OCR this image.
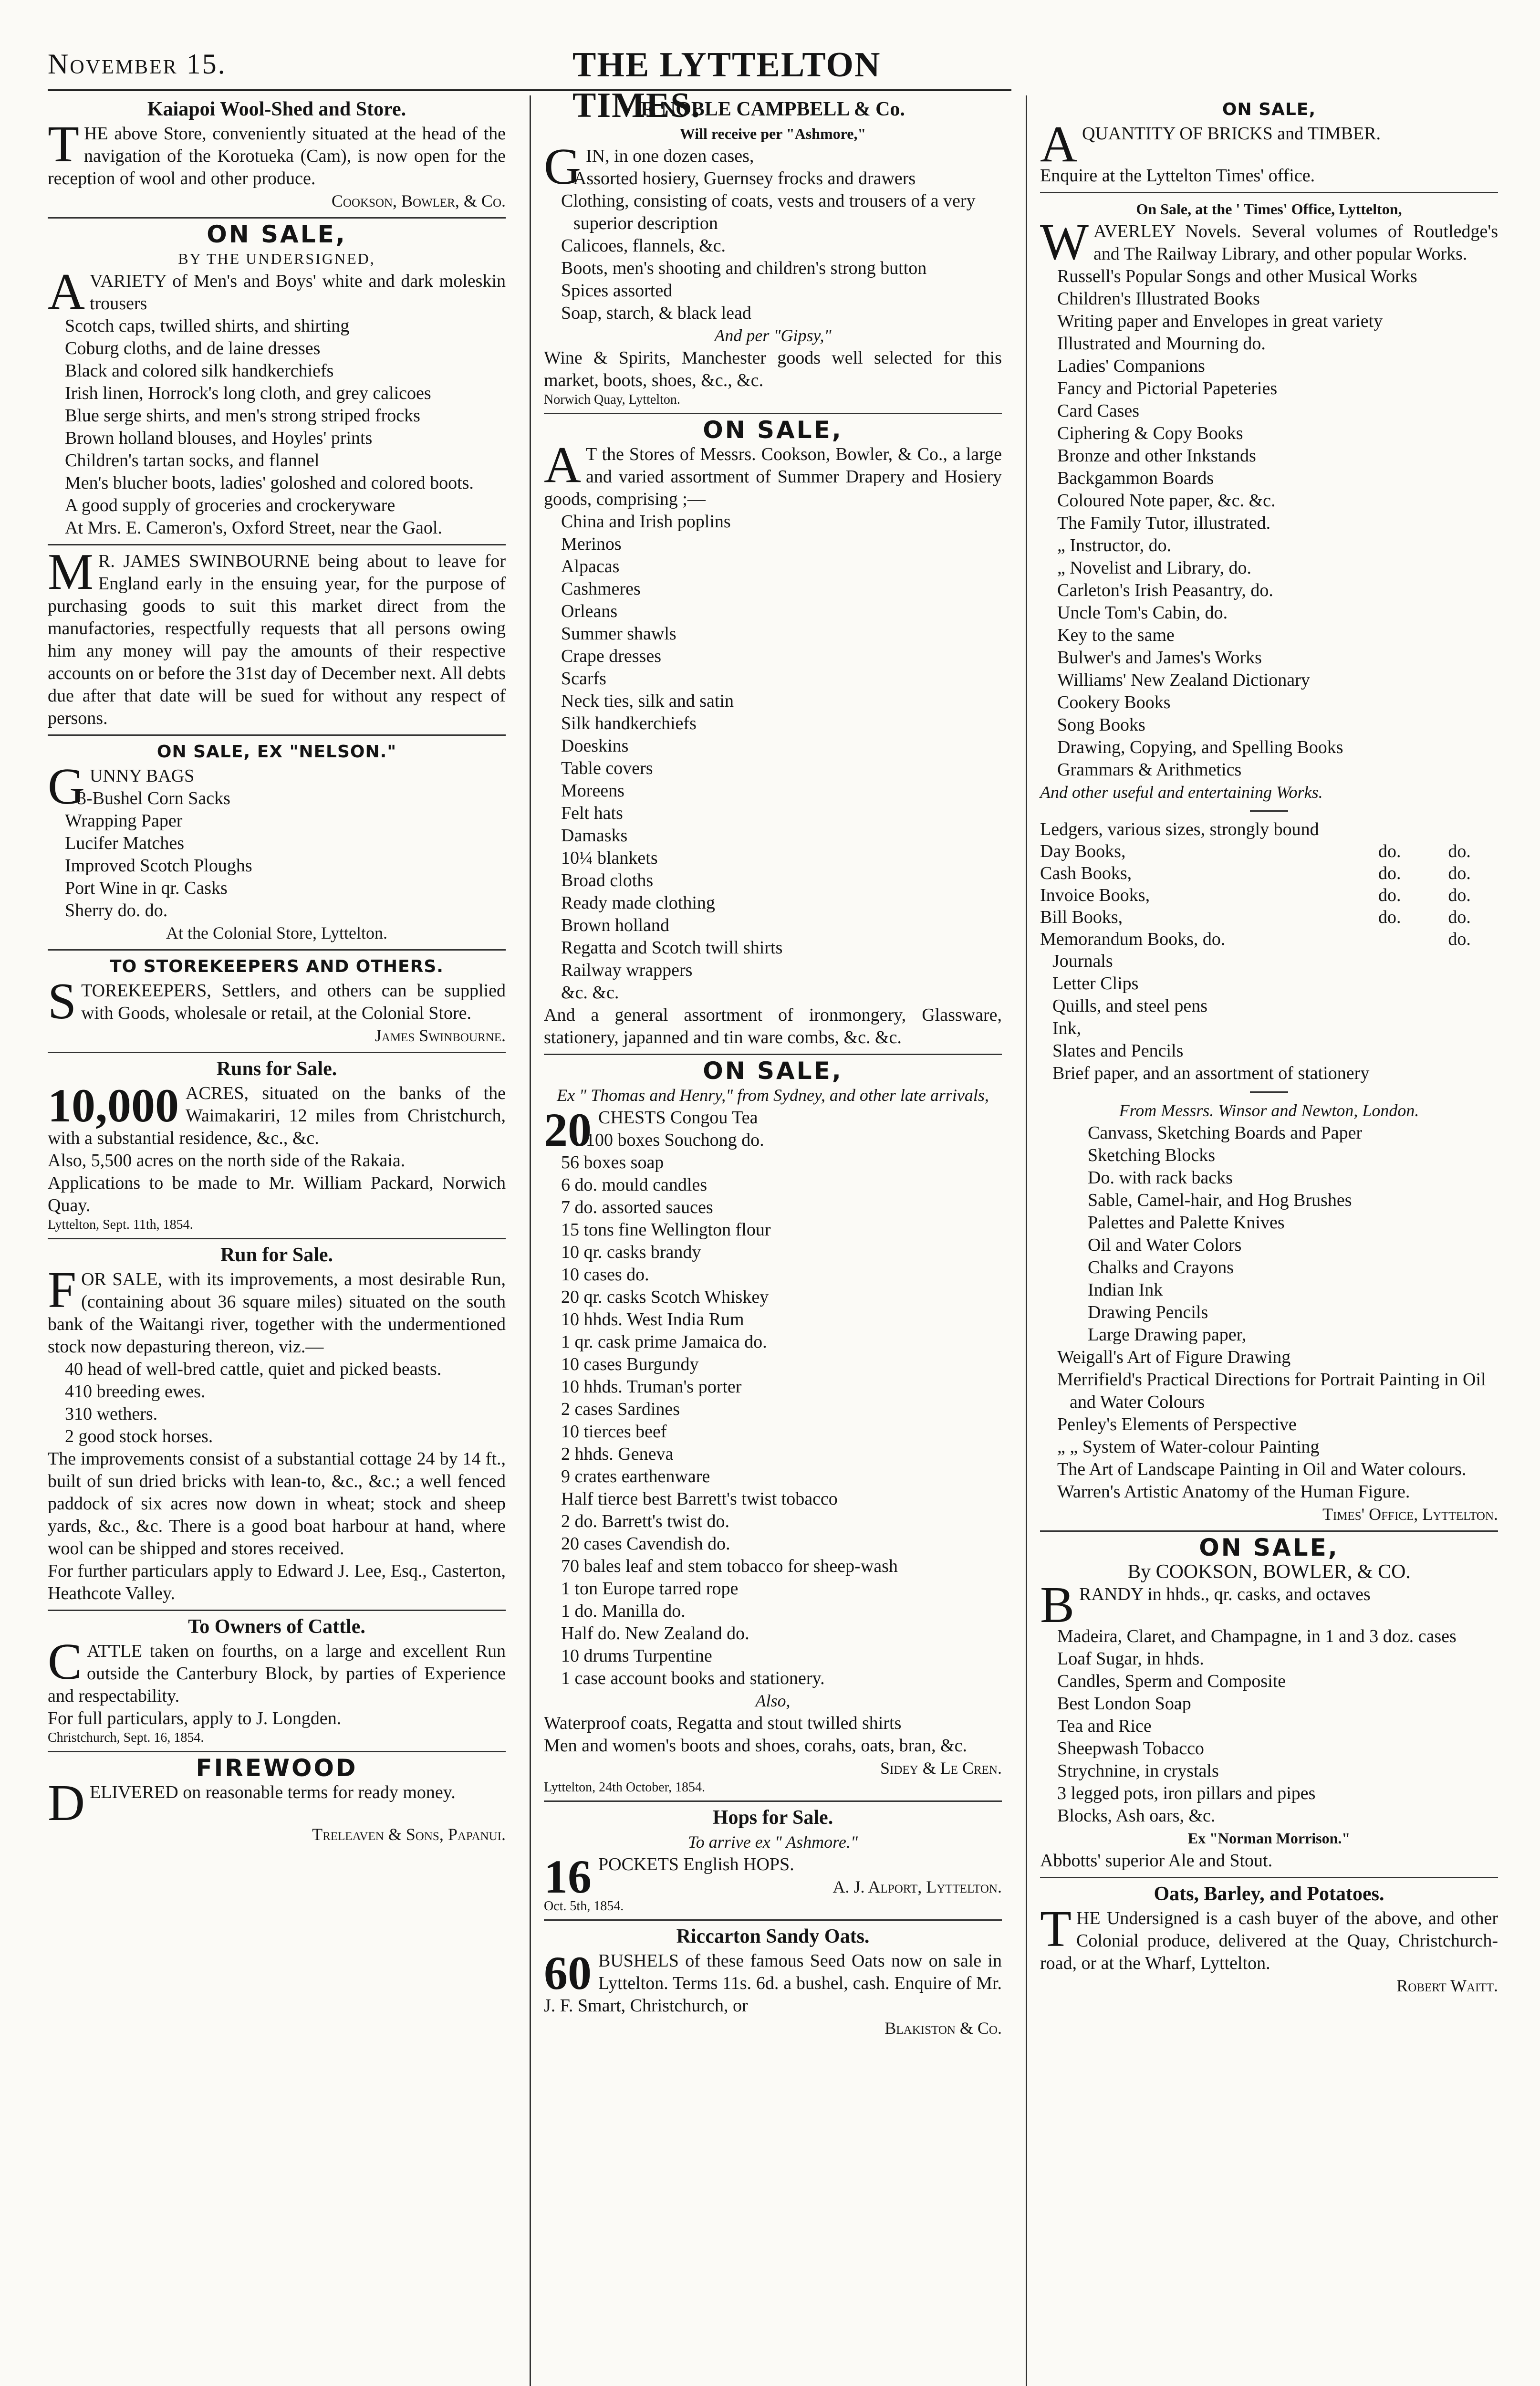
November 15.	THE LYTTELTON TIMES.
Kaiapoi Wool-Shed and Store.

THE above Store, conveniently situated at the head of the navigation of the Korotueka (Cam), is now open for the reception of wool and other produce.

Cookson, Bowler, & Co.
ON SALE,
BY THE UNDERSIGNED,

AVARIETY of Men's and Boys' white and dark moleskin trousers

Scotch caps, twilled shirts, and shirting
Coburg cloths, and de laine dresses
Black and colored silk handkerchiefs
Irish linen, Horrock's long cloth, and grey calicoes
Blue serge shirts, and men's strong striped frocks
Brown holland blouses, and Hoyles' prints
Children's tartan socks, and flannel
Men's blucher boots, ladies' goloshed and colored boots.
A good supply of groceries and crockeryware
At Mrs. E. Cameron's, Oxford Street, near the Gaol.

M R. JAMES SWINBOURNE being about to leave for England early in the ensuing year, for the purpose of purchasing goods to suit this market direct from the manufactories, respectfully requests that all persons owing him any money will pay the amounts of their respective accounts on or before the 31st day of December next. All debts due after that date will be sued for without any respect of persons.

ON SALE, EX "NELSON."

GUNNY BAGS

3-Bushel Corn Sacks
Wrapping Paper
Lucifer Matches
Improved Scotch Ploughs
Port Wine in qr. Casks
Sherry do. do.
At the Colonial Store, Lyttelton.
TO STOREKEEPERS AND OTHERS.

STOREKEEPERS, Settlers, and others can be supplied with Goods, wholesale or retail, at the Colonial Store.

James Swinbourne.
Runs for Sale.

10,000 ACRES, situated on the banks of the Waimakariri, 12 miles from Christchurch, with a substantial residence, &c., &c.

Also, 5,500 acres on the north side of the Rakaia.

Applications to be made to Mr. William Packard, Norwich Quay.

Lyttelton, Sept. 11th, 1854.
Run for Sale.

FOR SALE, with its improvements, a most desirable Run, (containing about 36 square miles) situated on the south bank of the Waitangi river, together with the undermentioned stock now depasturing thereon, viz.—

40 head of well-bred cattle, quiet and picked beasts.
410 breeding ewes.
310 wethers.
2 good stock horses.

The improvements consist of a substantial cottage 24 by 14 ft., built of sun dried bricks with lean-to, &c., &c.; a well fenced paddock of six acres now down in wheat; stock and sheep yards, &c., &c. There is a good boat harbour at hand, where wool can be shipped and stores received.

For further particulars apply to Edward J. Lee, Esq., Casterton, Heathcote Valley.

To Owners of Cattle.

CATTLE taken on fourths, on a large and excellent Run outside the Canterbury Block, by parties of Experience and respectability.

For full particulars, apply to J. Longden.

Christchurch, Sept. 16, 1854.
FIREWOOD

DELIVERED on reasonable terms for ready money.

Treleaven & Sons, Papanui.
F. NOBLE CAMPBELL & Co.
Will receive per "Ashmore,"

GIN, in one dozen cases,

Assorted hosiery, Guernsey frocks and drawers
Clothing, consisting of coats, vests and trousers of a very superior description
Calicoes, flannels, &c.
Boots, men's shooting and children's strong button
Spices assorted
Soap, starch, & black lead
And per "Gipsy,"

Wine & Spirits, Manchester goods well selected for this market, boots, shoes, &c., &c.

Norwich Quay, Lyttelton.
ON SALE,

A T the Stores of Messrs. Cookson, Bowler, & Co., a large and varied assortment of Summer Drapery and Hosiery goods, comprising ;—

China and Irish poplins
Merinos
Alpacas
Cashmeres
Orleans
Summer shawls
Crape dresses
Scarfs
Neck ties, silk and satin
Silk handkerchiefs
Doeskins
Table covers
Moreens
Felt hats
Damasks
10¼ blankets
Broad cloths
Ready made clothing
Brown holland
Regatta and Scotch twill shirts
Railway wrappers
&c. &c.

And a general assortment of ironmongery, Glassware, stationery, japanned and tin ware combs, &c. &c.

ON SALE,
Ex " Thomas and Henry," from Sydney, and other late arrivals,

20 CHESTS Congou Tea

100 boxes Souchong do.
56 boxes soap
6 do. mould candles
7 do. assorted sauces
15 tons fine Wellington flour
10 qr. casks brandy
10 cases do.
20 qr. casks Scotch Whiskey
10 hhds. West India Rum
1 qr. cask prime Jamaica do.
10 cases Burgundy
10 hhds. Truman's porter
2 cases Sardines
10 tierces beef
2 hhds. Geneva
9 crates earthenware
Half tierce best Barrett's twist tobacco
2 do. Barrett's twist do.
20 cases Cavendish do.
70 bales leaf and stem tobacco for sheep-wash
1 ton Europe tarred rope
1 do. Manilla do.
Half do. New Zealand do.
10 drums Turpentine
1 case account books and stationery.
Also,

Waterproof coats, Regatta and stout twilled shirts

Men and women's boots and shoes, corahs, oats, bran, &c.

Sidey & Le Cren.
Lyttelton, 24th October, 1854.
Hops for Sale.
To arrive ex " Ashmore."

16 POCKETS English HOPS.

A. J. Alport, Lyttelton.
Oct. 5th, 1854.
Riccarton Sandy Oats.

60 BUSHELS of these famous Seed Oats now on sale in Lyttelton. Terms 11s. 6d. a bushel, cash. Enquire of Mr. J. F. Smart, Christchurch, or

Blakiston & Co.
ON SALE,

AQUANTITY OF BRICKS and TIMBER.

Enquire at the Lyttelton Times' office.

On Sale, at the ' Times' Office, Lyttelton,

WAVERLEY Novels. Several volumes of Routledge's and The Railway Library, and other popular Works.

Russell's Popular Songs and other Musical Works
Children's Illustrated Books
Writing paper and Envelopes in great variety
Illustrated and Mourning do.
Ladies' Companions
Fancy and Pictorial Papeteries
Card Cases
Ciphering & Copy Books
Bronze and other Inkstands
Backgammon Boards
Coloured Note paper, &c. &c.
The Family Tutor, illustrated.
„ Instructor, do.
„ Novelist and Library, do.
Carleton's Irish Peasantry, do.
Uncle Tom's Cabin, do.
Key to the same
Bulwer's and James's Works
Williams' New Zealand Dictionary
Cookery Books
Song Books
Drawing, Copying, and Spelling Books
Grammars & Arithmetics
And other useful and entertaining Works.
Ledgers, various sizes, strongly bound		
Day Books,	do.	do.
Cash Books,	do.	do.
Invoice Books,	do.	do.
Bill Books,	do.	do.
Memorandum Books, do.		do.
Journals
Letter Clips
Quills, and steel pens
Ink,
Slates and Pencils
Brief paper, and an assortment of stationery
From Messrs. Winsor and Newton, London.
Canvass, Sketching Boards and Paper
Sketching Blocks
Do. with rack backs
Sable, Camel-hair, and Hog Brushes
Palettes and Palette Knives
Oil and Water Colors
Chalks and Crayons
Indian Ink
Drawing Pencils
Large Drawing paper,
Weigall's Art of Figure Drawing
Merrifield's Practical Directions for Portrait Painting in Oil and Water Colours
Penley's Elements of Perspective
„ „ System of Water-colour Painting
The Art of Landscape Painting in Oil and Water colours.
Warren's Artistic Anatomy of the Human Figure.
Times' Office, Lyttelton.
ON SALE,
By COOKSON, BOWLER, & CO.

BRANDY in hhds., qr. casks, and octaves

Madeira, Claret, and Champagne, in 1 and 3 doz. cases
Loaf Sugar, in hhds.
Candles, Sperm and Composite
Best London Soap
Tea and Rice
Sheepwash Tobacco
Strychnine, in crystals
3 legged pots, iron pillars and pipes
Blocks, Ash oars, &c.
Ex "Norman Morrison."

Abbotts' superior Ale and Stout.

Oats, Barley, and Potatoes.

THE Undersigned is a cash buyer of the above, and other Colonial produce, delivered at the Quay, Christchurch-road, or at the Wharf, Lyttelton.

Robert Waitt.
